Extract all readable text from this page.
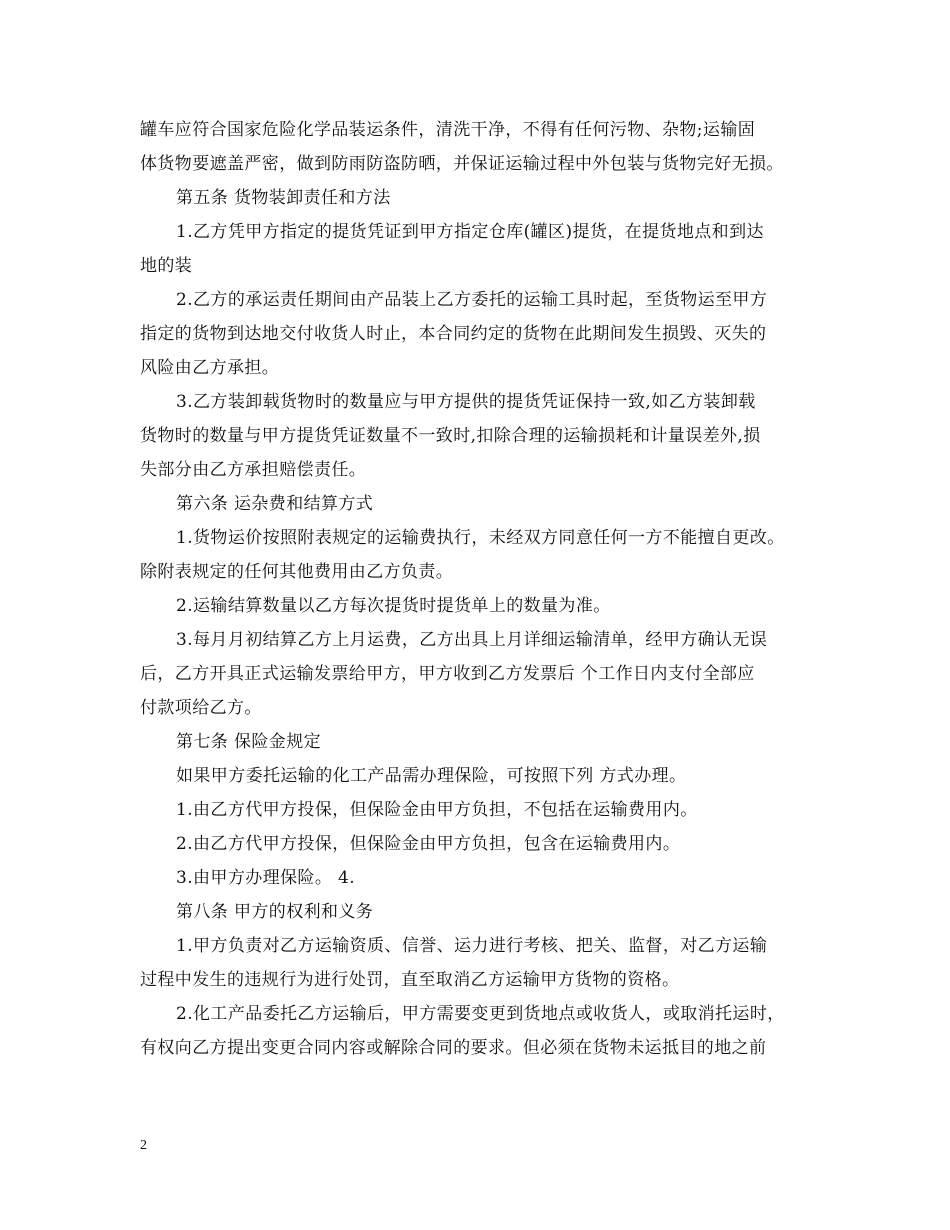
罐车应符合国家危险化学品装运条件，清洗干净，不得有任何污物、杂物;运输固
体货物要遮盖严密，做到防雨防盗防晒，并保证运输过程中外包装与货物完好无损。
第五条 货物装卸责任和方法
1.乙方凭甲方指定的提货凭证到甲方指定仓库(罐区)提货，在提货地点和到达
地的装
2.乙方的承运责任期间由产品装上乙方委托的运输工具时起，至货物运至甲方
指定的货物到达地交付收货人时止，本合同约定的货物在此期间发生损毁、灭失的
风险由乙方承担。
3.乙方装卸载货物时的数量应与甲方提供的提货凭证保持一致,如乙方装卸载
货物时的数量与甲方提货凭证数量不一致时,扣除合理的运输损耗和计量误差外,损
失部分由乙方承担赔偿责任。
第六条 运杂费和结算方式
1.货物运价按照附表规定的运输费执行，未经双方同意任何一方不能擅自更改。
除附表规定的任何其他费用由乙方负责。
2.运输结算数量以乙方每次提货时提货单上的数量为准。
3.每月月初结算乙方上月运费，乙方出具上月详细运输清单，经甲方确认无误
后，乙方开具正式运输发票给甲方，甲方收到乙方发票后 个工作日内支付全部应
付款项给乙方。
第七条 保险金规定
如果甲方委托运输的化工产品需办理保险，可按照下列 方式办理。
1.由乙方代甲方投保，但保险金由甲方负担，不包括在运输费用内。
2.由乙方代甲方投保，但保险金由甲方负担，包含在运输费用内。
3.由甲方办理保险。 4.
第八条 甲方的权利和义务
1.甲方负责对乙方运输资质、信誉、运力进行考核、把关、监督，对乙方运输
过程中发生的违规行为进行处罚，直至取消乙方运输甲方货物的资格。
2.化工产品委托乙方运输后，甲方需要变更到货地点或收货人，或取消托运时，
有权向乙方提出变更合同内容或解除合同的要求。但必须在货物未运抵目的地之前
2
